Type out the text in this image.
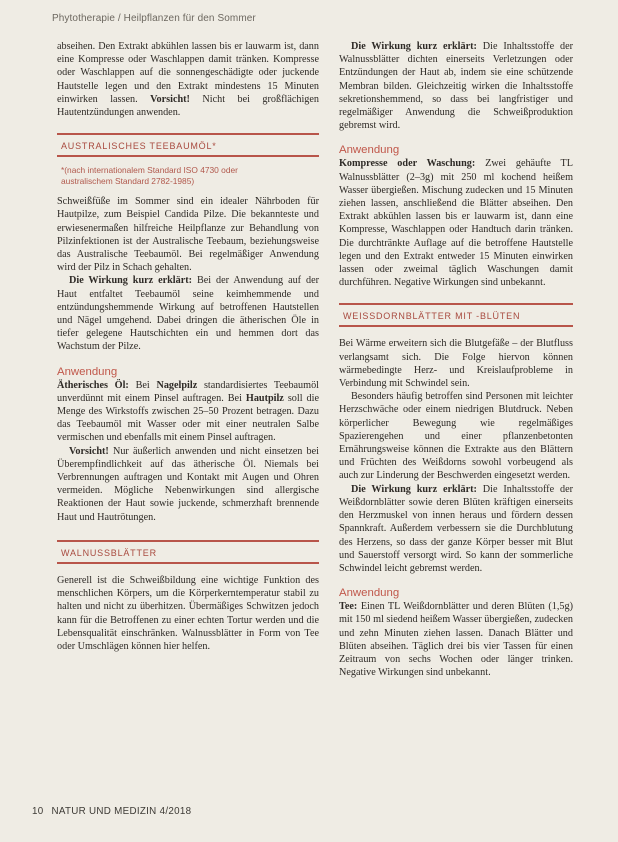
Phytotherapie / Heilpflanzen für den Sommer

abseihen. Den Extrakt abkühlen lassen bis er lauwarm ist, dann eine Kompresse oder Waschlappen damit tränken. Kompresse oder Waschlappen auf die sonnengeschädigte oder juckende Hautstelle legen und den Extrakt mindestens 15 Minuten einwirken lassen. Vorsicht! Nicht bei großflächigen Hautentzündungen anwenden.

AUSTRALISCHES TEEBAUMÖL*
*(nach internationalem Standard ISO 4730 oder australischem Standard 2782-1985)

Schweißfüße im Sommer sind ein idealer Nährboden für Hautpilze, zum Beispiel Candida Pilze. Die bekannteste und erwiesenermaßen hilfreiche Heilpflanze zur Behandlung von Pilzinfektionen ist der Australische Teebaum, beziehungsweise das Australische Teebaumöl. Bei regelmäßiger Anwendung wird der Pilz in Schach gehalten.

Die Wirkung kurz erklärt: Bei der Anwendung auf der Haut entfaltet Teebaumöl seine keimhemmende und entzündungshemmende Wirkung auf betroffenen Hautstellen und Nägel umgehend. Dabei dringen die ätherischen Öle in tiefer gelegene Hautschichten ein und hemmen dort das Wachstum der Pilze.

Anwendung

Ätherisches Öl: Bei Nagelpilz standardisiertes Teebaumöl unverdünnt mit einem Pinsel auftragen. Bei Hautpilz soll die Menge des Wirkstoffs zwischen 25–50 Prozent betragen. Dazu das Teebaumöl mit Wasser oder mit einer neutralen Salbe vermischen und ebenfalls mit einem Pinsel auftragen.

Vorsicht! Nur äußerlich anwenden und nicht einsetzen bei Überempfindlichkeit auf das ätherische Öl. Niemals bei Verbrennungen auftragen und Kontakt mit Augen und Ohren vermeiden. Mögliche Nebenwirkungen sind allergische Reaktionen der Haut sowie juckende, schmerzhaft brennende Haut und Hautrötungen.

WALNUSSBLÄTTER

Generell ist die Schweißbildung eine wichtige Funktion des menschlichen Körpers, um die Körperkerntemperatur stabil zu halten und nicht zu überhitzen. Übermäßiges Schwitzen jedoch kann für die Betroffenen zu einer echten Tortur werden und die Lebensqualität einschränken. Walnussblätter in Form von Tee oder Umschlägen können hier helfen.

Die Wirkung kurz erklärt: Die Inhaltsstoffe der Walnussblätter dichten einerseits Verletzungen oder Entzündungen der Haut ab, indem sie eine schützende Membran bilden. Gleichzeitig wirken die Inhaltsstoffe sekretionshemmend, so dass bei langfristiger und regelmäßiger Anwendung die Schweißproduktion gebremst wird.

Anwendung

Kompresse oder Waschung: Zwei gehäufte TL Walnussblätter (2–3g) mit 250 ml kochend heißem Wasser übergießen. Mischung zudecken und 15 Minuten ziehen lassen, anschließend die Blätter abseihen. Den Extrakt abkühlen lassen bis er lauwarm ist, dann eine Kompresse, Waschlappen oder Handtuch darin tränken. Die durchtränkte Auflage auf die betroffene Hautstelle legen und den Extrakt entweder 15 Minuten einwirken lassen oder zweimal täglich Waschungen damit durchführen. Negative Wirkungen sind unbekannt.

WEISSDORNBLÄTTER MIT -BLÜTEN

Bei Wärme erweitern sich die Blutgefäße – der Blutfluss verlangsamt sich. Die Folge hiervon können wärmebedingte Herz- und Kreislaufprobleme in Verbindung mit Schwindel sein.

Besonders häufig betroffen sind Personen mit leichter Herzschwäche oder einem niedrigen Blutdruck. Neben körperlicher Bewegung wie regelmäßiges Spazierengehen und einer pflanzenbetonten Ernährungsweise können die Extrakte aus den Blättern und Früchten des Weißdorns sowohl vorbeugend als auch zur Linderung der Beschwerden eingesetzt werden.

Die Wirkung kurz erklärt: Die Inhaltsstoffe der Weißdornblätter sowie deren Blüten kräftigen einerseits den Herzmuskel von innen heraus und fördern dessen Spannkraft. Außerdem verbessern sie die Durchblutung des Herzens, so dass der ganze Körper besser mit Blut und Sauerstoff versorgt wird. So kann der sommerliche Schwindel leicht gebremst werden.

Anwendung

Tee: Einen TL Weißdornblätter und deren Blüten (1,5g) mit 150 ml siedend heißem Wasser übergießen, zudecken und zehn Minuten ziehen lassen. Danach Blätter und Blüten abseihen. Täglich drei bis vier Tassen für einen Zeitraum von sechs Wochen oder länger trinken. Negative Wirkungen sind unbekannt.

10 NATUR UND MEDIZIN 4/2018
